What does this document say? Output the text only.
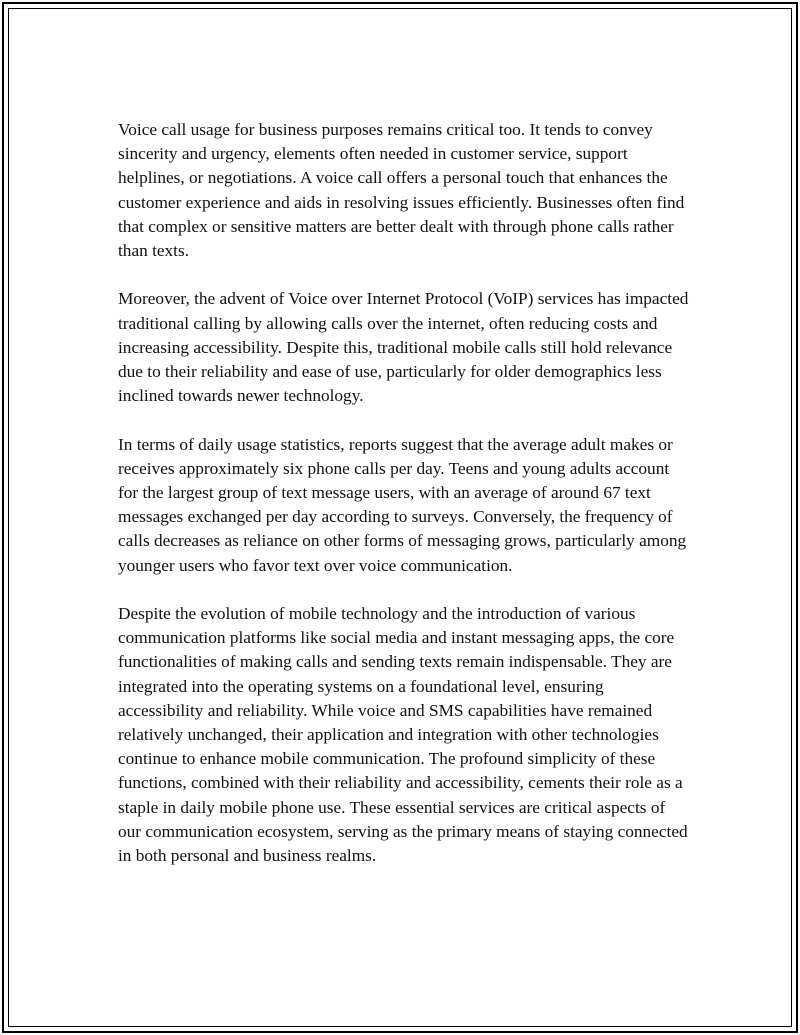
Voice call usage for business purposes remains critical too. It tends to convey sincerity and urgency, elements often needed in customer service, support helplines, or negotiations. A voice call offers a personal touch that enhances the customer experience and aids in resolving issues efficiently. Businesses often find that complex or sensitive matters are better dealt with through phone calls rather than texts.

Moreover, the advent of Voice over Internet Protocol (VoIP) services has impacted traditional calling by allowing calls over the internet, often reducing costs and increasing accessibility. Despite this, traditional mobile calls still hold relevance due to their reliability and ease of use, particularly for older demographics less inclined towards newer technology.

In terms of daily usage statistics, reports suggest that the average adult makes or receives approximately six phone calls per day. Teens and young adults account for the largest group of text message users, with an average of around 67 text messages exchanged per day according to surveys. Conversely, the frequency of calls decreases as reliance on other forms of messaging grows, particularly among younger users who favor text over voice communication.

Despite the evolution of mobile technology and the introduction of various communication platforms like social media and instant messaging apps, the core functionalities of making calls and sending texts remain indispensable. They are integrated into the operating systems on a foundational level, ensuring accessibility and reliability. While voice and SMS capabilities have remained relatively unchanged, their application and integration with other technologies continue to enhance mobile communication. The profound simplicity of these functions, combined with their reliability and accessibility, cements their role as a staple in daily mobile phone use. These essential services are critical aspects of our communication ecosystem, serving as the primary means of staying connected in both personal and business realms.
